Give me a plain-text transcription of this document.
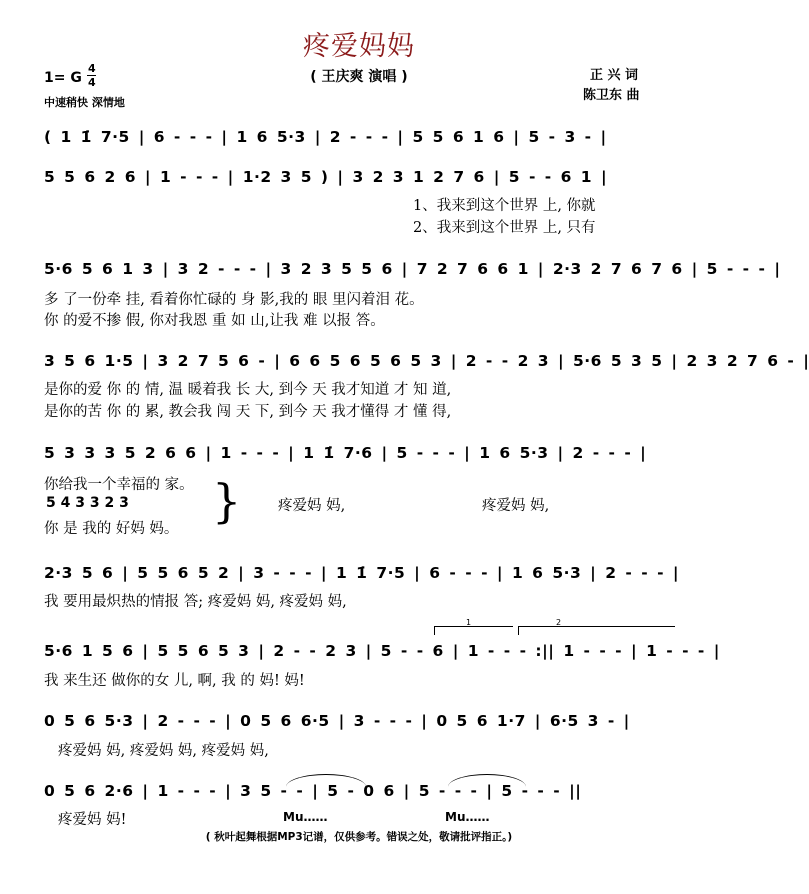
疼爱妈妈
( 王庆爽 演唱 )
1= G
4
4
中速稍快 深情地
正 兴 词
陈卫东 曲
( 1 1̇ 7·5 | 6 - - - | 1 6 5·3 | 2 - - - | 5 5 6 1 6 | 5 - 3 - |
5 5 6 2 6 | 1 - - - | 1·2 3 5 ) | 3 2 3 1 2 7 6 | 5 - - 6 1 |
1、我来到这个世界 上, 你就
2、我来到这个世界 上, 只有
5·6 5 6 1 3 | 3 2 - - - | 3 2 3 5 5 6 | 7 2 7 6 6 1 | 2·3 2 7 6 7 6 | 5 - - - |
多 了一份牵 挂, 看着你忙碌的 身 影,我的 眼 里闪着泪 花。
你 的爱不掺 假, 你对我恩 重 如 山,让我 难 以报 答。
3 5 6 1·5 | 3 2 7 5 6 - | 6 6 5 6 5 6 5 3 | 2 - - 2 3 | 5·6 5 3 5 | 2 3 2 7 6 - |
是你的爱 你 的 情, 温 暖着我 长 大, 到今 天 我才知道 才 知 道,
是你的苦 你 的 累, 教会我 闯 天 下, 到今 天 我才懂得 才 懂 得,
5 3 3 3 5 2 6 6 | 1 - - - | 1 1̇ 7·6 | 5 - - - | 1 6 5·3 | 2 - - - |
你给我一个幸福的 家。
5 4 3 3 2 3
你 是 我的 好妈 妈。
}	疼爱妈 妈,	疼爱妈 妈,
2·3 5 6 | 5 5 6 5 2 | 3 - - - | 1 1̇ 7·5 | 6 - - - | 1 6 5·3 | 2 - - - |
我 要用最炽热的情报 答; 疼爱妈 妈, 疼爱妈 妈,
1	2
5·6 1 5 6 | 5 5 6 5 3 | 2 - - 2 3 | 5 - - 6 | 1 - - - :|| 1 - - - | 1 - - - |
我 来生还 做你的女 儿, 啊, 我 的 妈! 妈!
0 5 6 5·3 | 2 - - - | 0 5 6 6·5 | 3 - - - | 0 5 6 1·7 | 6·5 3 - |
疼爱妈 妈, 疼爱妈 妈, 疼爱妈 妈,
0 5 6 2·6 | 1 - - - | 3 5 - - | 5 - 0 6 | 5 - - - | 5 - - - ||
疼爱妈 妈!	Mu……	Mu……
( 秋叶起舞根据MP3记谱，仅供参考。错误之处，敬请批评指正。)
